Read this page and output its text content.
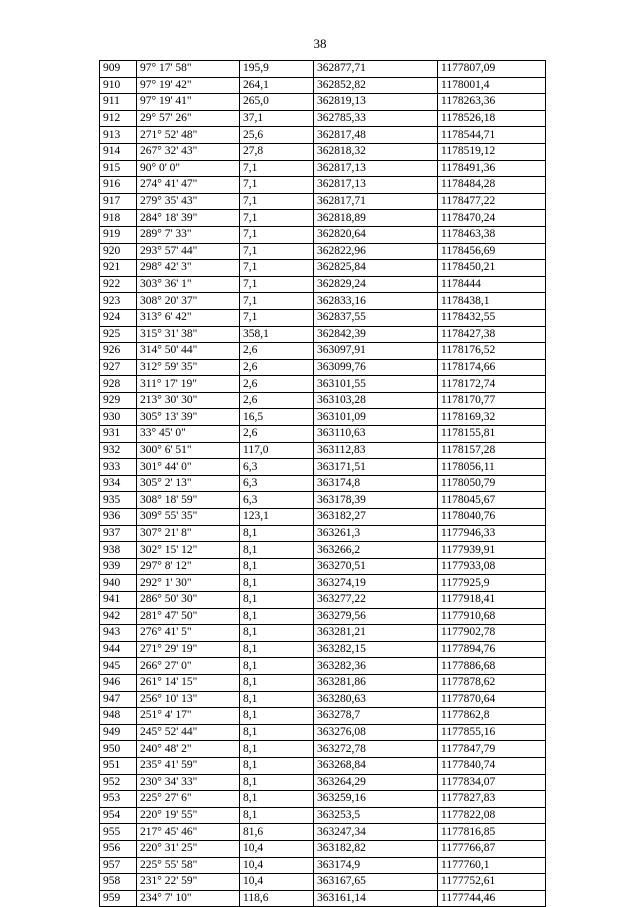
38
909	97° 17' 58"	195,9	362877,71	1177807,09
910	97° 19' 42"	264,1	362852,82	1178001,4
911	97° 19' 41"	265,0	362819,13	1178263,36
912	29° 57' 26"	37,1	362785,33	1178526,18
913	271° 52' 48"	25,6	362817,48	1178544,71
914	267° 32' 43"	27,8	362818,32	1178519,12
915	90° 0' 0"	7,1	362817,13	1178491,36
916	274° 41' 47"	7,1	362817,13	1178484,28
917	279° 35' 43"	7,1	362817,71	1178477,22
918	284° 18' 39"	7,1	362818,89	1178470,24
919	289° 7' 33"	7,1	362820,64	1178463,38
920	293° 57' 44"	7,1	362822,96	1178456,69
921	298° 42' 3"	7,1	362825,84	1178450,21
922	303° 36' 1"	7,1	362829,24	1178444
923	308° 20' 37"	7,1	362833,16	1178438,1
924	313° 6' 42"	7,1	362837,55	1178432,55
925	315° 31' 38"	358,1	362842,39	1178427,38
926	314° 50' 44"	2,6	363097,91	1178176,52
927	312° 59' 35"	2,6	363099,76	1178174,66
928	311° 17' 19"	2,6	363101,55	1178172,74
929	213° 30' 30"	2,6	363103,28	1178170,77
930	305° 13' 39"	16,5	363101,09	1178169,32
931	33° 45' 0"	2,6	363110,63	1178155,81
932	300° 6' 51"	117,0	363112,83	1178157,28
933	301° 44' 0"	6,3	363171,51	1178056,11
934	305° 2' 13"	6,3	363174,8	1178050,79
935	308° 18' 59"	6,3	363178,39	1178045,67
936	309° 55' 35"	123,1	363182,27	1178040,76
937	307° 21' 8"	8,1	363261,3	1177946,33
938	302° 15' 12"	8,1	363266,2	1177939,91
939	297° 8' 12"	8,1	363270,51	1177933,08
940	292° 1' 30"	8,1	363274,19	1177925,9
941	286° 50' 30"	8,1	363277,22	1177918,41
942	281° 47' 50"	8,1	363279,56	1177910,68
943	276° 41' 5"	8,1	363281,21	1177902,78
944	271° 29' 19"	8,1	363282,15	1177894,76
945	266° 27' 0"	8,1	363282,36	1177886,68
946	261° 14' 15"	8,1	363281,86	1177878,62
947	256° 10' 13"	8,1	363280,63	1177870,64
948	251° 4' 17"	8,1	363278,7	1177862,8
949	245° 52' 44"	8,1	363276,08	1177855,16
950	240° 48' 2"	8,1	363272,78	1177847,79
951	235° 41' 59"	8,1	363268,84	1177840,74
952	230° 34' 33"	8,1	363264,29	1177834,07
953	225° 27' 6"	8,1	363259,16	1177827,83
954	220° 19' 55"	8,1	363253,5	1177822,08
955	217° 45' 46"	81,6	363247,34	1177816,85
956	220° 31' 25"	10,4	363182,82	1177766,87
957	225° 55' 58"	10,4	363174,9	1177760,1
958	231° 22' 59"	10,4	363167,65	1177752,61
959	234° 7' 10"	118,6	363161,14	1177744,46
